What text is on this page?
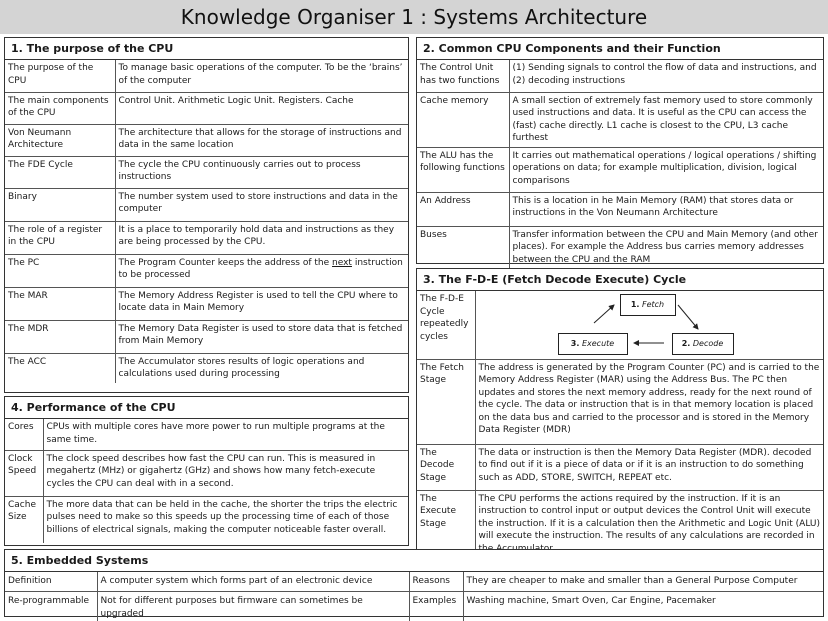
Knowledge Organiser 1 : Systems Architecture
1. The purpose of the CPU
The purpose of the CPU	To manage basic operations of the computer. To be the ‘brains’ of the computer
The main components of the CPU	Control Unit. Arithmetic Logic Unit. Registers. Cache
Von Neumann Architecture	The architecture that allows for the storage of instructions and data in the same location
The FDE Cycle	The cycle the CPU continuously carries out to process instructions
Binary	The number system used to store instructions and data in the computer
The role of a register in the CPU	It is a place to temporarily hold data and instructions as they are being processed by the CPU.
The PC	The Program Counter keeps the address of the next instruction to be processed
The MAR	The Memory Address Register is used to tell the CPU where to locate data in Main Memory
The MDR	The Memory Data Register is used to store data that is fetched from Main Memory
The ACC	The Accumulator stores results of logic operations and calculations used during processing
4. Performance of the CPU
Cores	CPUs with multiple cores have more power to run multiple programs at the same time.
Clock Speed	The clock speed describes how fast the CPU can run. This is measured in megahertz (MHz) or gigahertz (GHz) and shows how many fetch-execute cycles the CPU can deal with in a second.
Cache Size	The more data that can be held in the cache, the shorter the trips the electric pulses need to make so this speeds up the processing time of each of those billions of electrical signals, making the computer noticeable faster overall.
2. Common CPU Components and their Function
The Control Unit has two functions	(1) Sending signals to control the flow of data and instructions, and (2) decoding instructions
Cache memory	A small section of extremely fast memory used to store commonly used instructions and data. It is useful as the CPU can access the (fast) cache directly. L1 cache is closest to the CPU, L3 cache furthest
The ALU has the following functions	It carries out mathematical operations / logical operations / shifting operations on data; for example multiplication, division, logical comparisons
An Address	This is a location in he Main Memory (RAM) that stores data or instructions in the Von Neumann Architecture
Buses	Transfer information between the CPU and Main Memory (and other places). For example the Address bus carries memory addresses between the CPU and the RAM
3. The F-D-E (Fetch Decode Execute) Cycle
The F-D-E Cycle repeatedly cycles	1. Fetch
2. Decode
3. Execute

The Fetch Stage	The address is generated by the Program Counter (PC) and is carried to the Memory Address Register (MAR) using the Address Bus. The PC then updates and stores the next memory address, ready for the next round of the cycle. The data or instruction that is in that memory location is placed on the data bus and carried to the processor and is stored in the Memory Data Register (MDR)
The Decode Stage	The data or instruction is then the Memory Data Register (MDR). decoded to find out if it is a piece of data or if it is an instruction to do something such as ADD, STORE, SWITCH, REPEAT etc.
The Execute Stage	The CPU performs the actions required by the instruction. If it is an instruction to control input or output devices the Control Unit will execute the instruction. If it is a calculation then the Arithmetic and Logic Unit (ALU) will execute the instruction. The results of any calculations are recorded in
5. Embedded Systems
Definition	A computer system which forms part of an electronic device	Reasons	They are cheaper to make and smaller than a General Purpose Computer
Re-programmable	Not for different purposes but firmware can sometimes be upgraded	Examples	Washing machine, Smart Oven, Car Engine, Pacemaker
